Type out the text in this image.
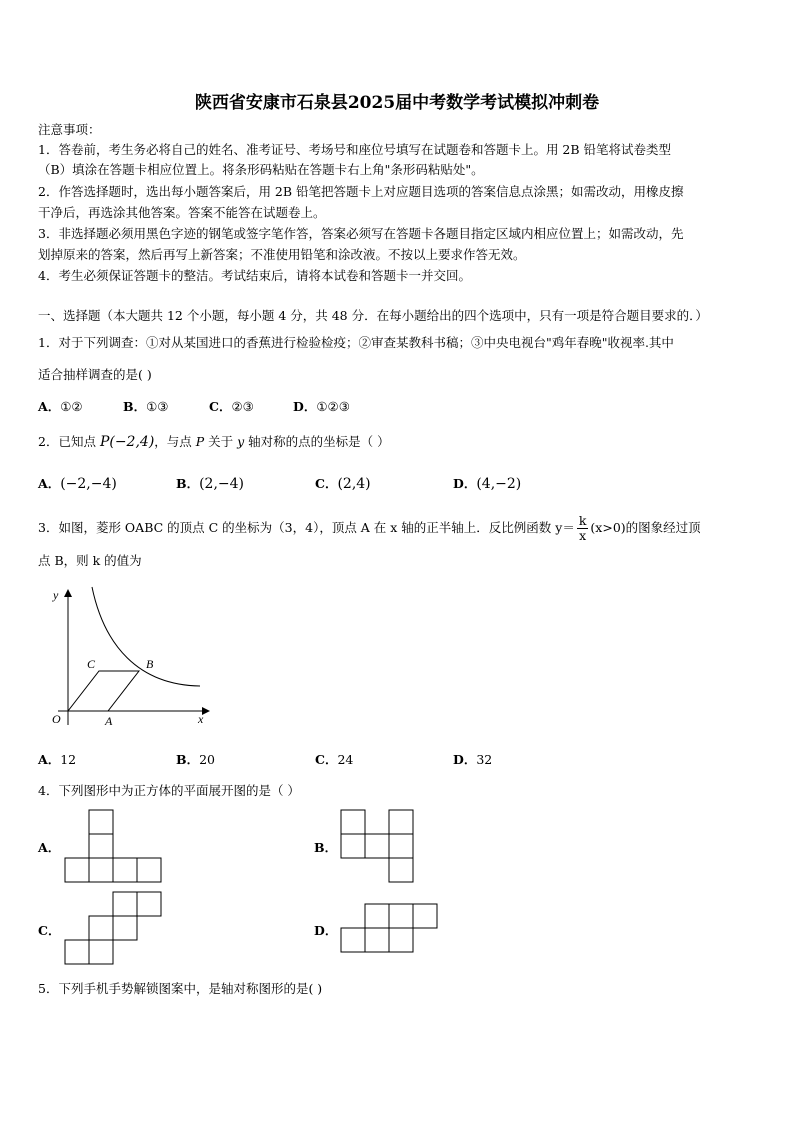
陕西省安康市石泉县2025届中考数学考试模拟冲刺卷
注意事项：
1．答卷前，考生务必将自己的姓名、准考证号、考场号和座位号填写在试题卷和答题卡上。用 2B 铅笔将试卷类型
（B）填涂在答题卡相应位置上。将条形码粘贴在答题卡右上角"条形码粘贴处"。
2．作答选择题时，选出每小题答案后，用 2B 铅笔把答题卡上对应题目选项的答案信息点涂黑；如需改动，用橡皮擦
干净后，再选涂其他答案。答案不能答在试题卷上。
3．非选择题必须用黑色字迹的钢笔或签字笔作答，答案必须写在答题卡各题目指定区域内相应位置上；如需改动，先
划掉原来的答案，然后再写上新答案；不准使用铅笔和涂改液。不按以上要求作答无效。
4．考生必须保证答题卡的整洁。考试结束后，请将本试卷和答题卡一并交回。
一、选择题（本大题共 12 个小题，每小题 4 分，共 48 分．在每小题给出的四个选项中，只有一项是符合题目要求的．）
1．对于下列调查：①对从某国进口的香蕉进行检验检疫；②审查某教科书稿；③中央电视台"鸡年春晚"收视率.其中
适合抽样调查的是( )
A．①②	B．①③	C．②③	D．①②③
2．已知点 P(−2,4)，与点 P 关于 y 轴对称的点的坐标是（ ）
A．(−2,−4)	B．(2,−4)	C．(2,4)	D．(4,−2)
3．如图，菱形 OABC 的顶点 C 的坐标为（3，4），顶点 A 在 x 轴的正半轴上．反比例函数 $y= \frac{k}{x} (x>0)$的图象经过顶
点 B，则 k 的值为
y
x
O	A
B
C
A．12	B．20	C．24	D．32
4．下列图形中为正方体的平面展开图的是（ ）
A．	B．
C．	D．
5．下列手机手势解锁图案中，是轴对称图形的是( )
